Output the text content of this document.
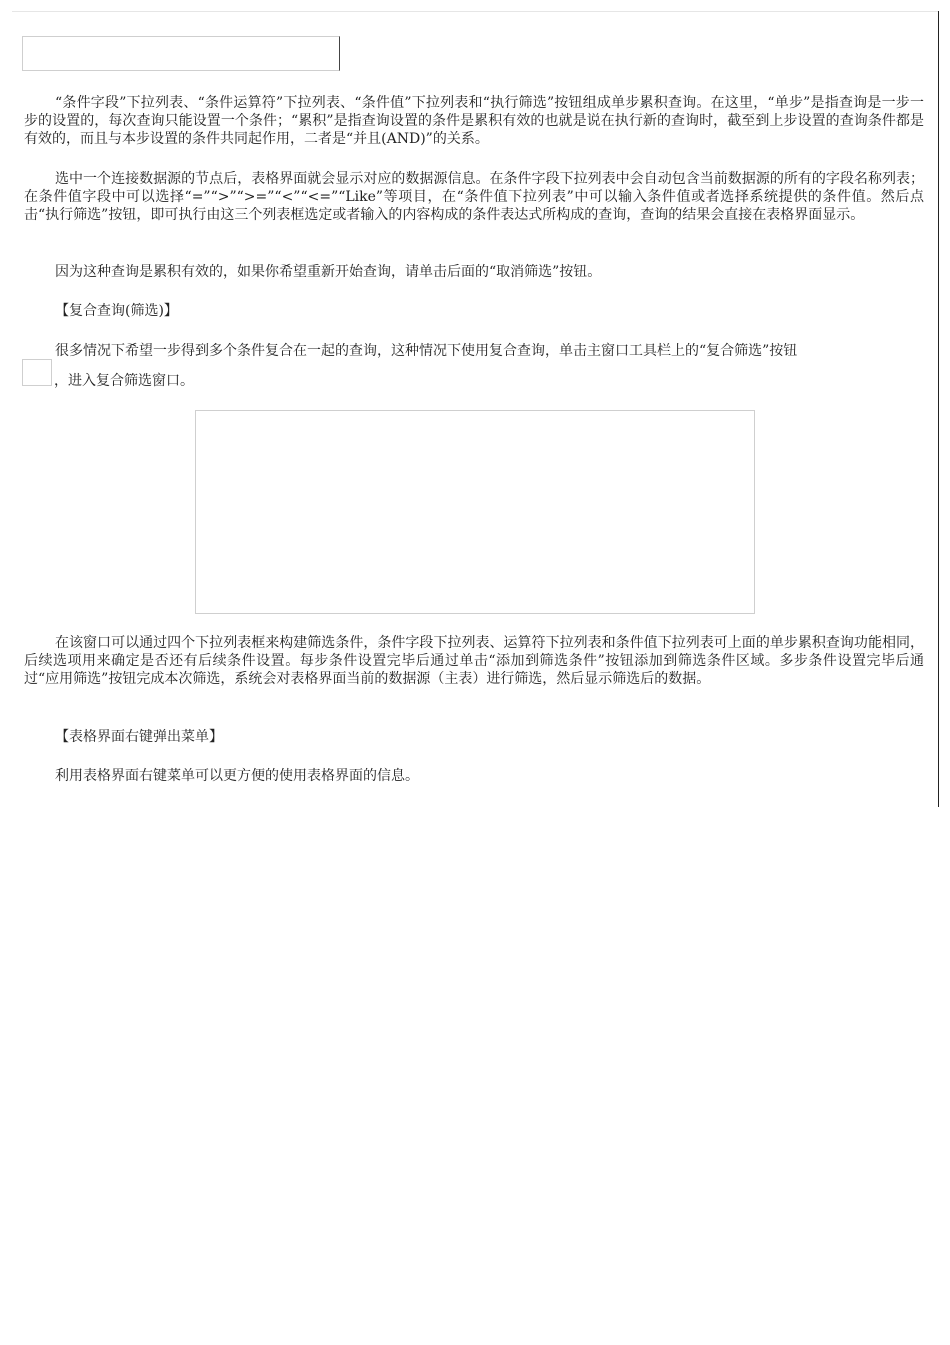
“条件字段”下拉列表、“条件运算符”下拉列表、“条件值”下拉列表和“执行筛选”按钮组成单步累积查询。在这里，“单步”是指查询是一步一步的设置的，每次查询只能设置一个条件；“累积”是指查询设置的条件是累积有效的也就是说在执行新的查询时，截至到上步设置的查询条件都是有效的，而且与本步设置的条件共同起作用，二者是“并且(AND)”的关系。

选中一个连接数据源的节点后，表格界面就会显示对应的数据源信息。在条件字段下拉列表中会自动包含当前数据源的所有的字段名称列表；在条件值字段中可以选择“=”“>”“>=”“<”“<=”“Like”等项目，在“条件值下拉列表”中可以输入条件值或者选择系统提供的条件值。然后点击“执行筛选”按钮，即可执行由这三个列表框选定或者输入的内容构成的条件表达式所构成的查询，查询的结果会直接在表格界面显示。

因为这种查询是累积有效的，如果你希望重新开始查询，请单击后面的“取消筛选”按钮。

【复合查询(筛选)】

很多情况下希望一步得到多个条件复合在一起的查询，这种情况下使用复合查询，单击主窗口工具栏上的“复合筛选”按钮

，进入复合筛选窗口。

在该窗口可以通过四个下拉列表框来构建筛选条件，条件字段下拉列表、运算符下拉列表和条件值下拉列表可上面的单步累积查询功能相同，后续选项用来确定是否还有后续条件设置。每步条件设置完毕后通过单击“添加到筛选条件”按钮添加到筛选条件区域。多步条件设置完毕后通过“应用筛选”按钮完成本次筛选，系统会对表格界面当前的数据源（主表）进行筛选，然后显示筛选后的数据。

【表格界面右键弹出菜单】

利用表格界面右键菜单可以更方便的使用表格界面的信息。
